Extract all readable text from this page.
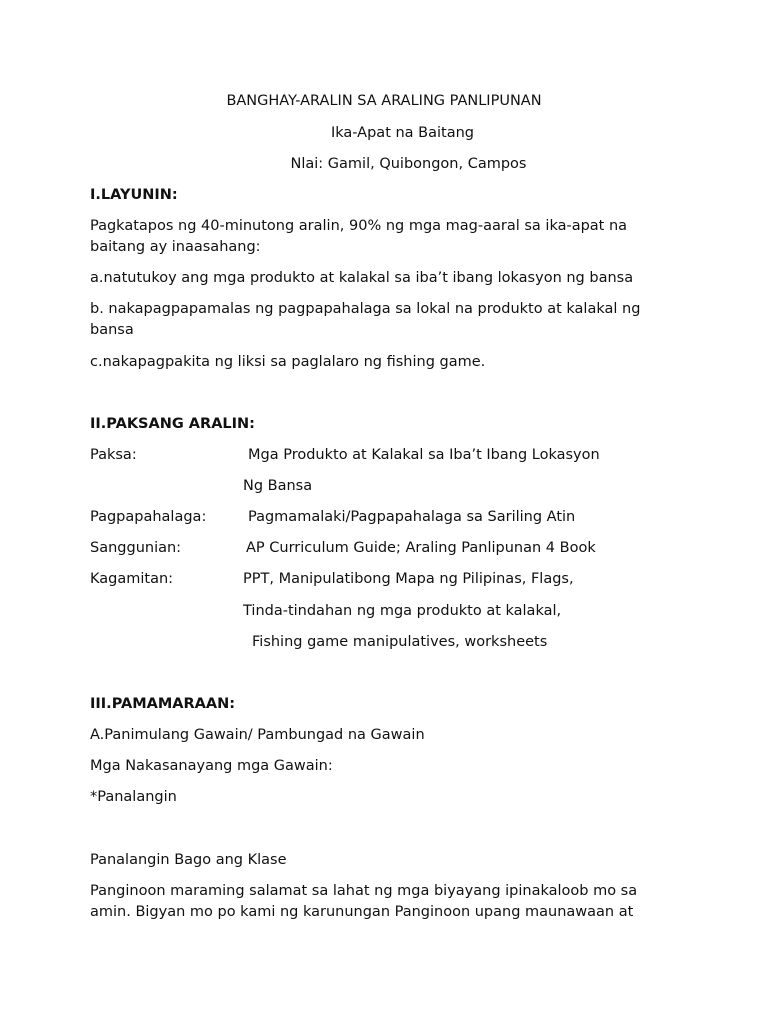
BANGHAY-ARALIN SA ARALING PANLIPUNAN

Ika-Apat na Baitang

Nlai: Gamil, Quibongon, Campos

I.LAYUNIN:

Pagkatapos ng 40-minutong aralin, 90% ng mga mag-aaral sa ika-apat na baitang ay inaasahang:

a.natutukoy ang mga produkto at kalakal sa iba’t ibang lokasyon ng bansa

b. nakapagpapamalas ng pagpapahalaga sa lokal na produkto at kalakal ng bansa

c.nakapagpakita ng liksi sa paglalaro ng fishing game.

II.PAKSANG ARALIN:

Paksa:	Mga Produkto at Kalakal sa Iba’t Ibang Lokasyon

Ng Bansa

Pagpapahalaga:	Pagmamalaki/Pagpapahalaga sa Sariling Atin

Sanggunian:	AP Curriculum Guide; Araling Panlipunan 4 Book

Kagamitan:	PPT, Manipulatibong Mapa ng Pilipinas, Flags,

Tinda-tindahan ng mga produkto at kalakal,

Fishing game manipulatives, worksheets

III.PAMAMARAAN:

A.Panimulang Gawain/ Pambungad na Gawain

Mga Nakasanayang mga Gawain:

*Panalangin

Panalangin Bago ang Klase

Panginoon maraming salamat sa lahat ng mga biyayang ipinakaloob mo sa amin. Bigyan mo po kami ng karunungan Panginoon upang maunawaan at
